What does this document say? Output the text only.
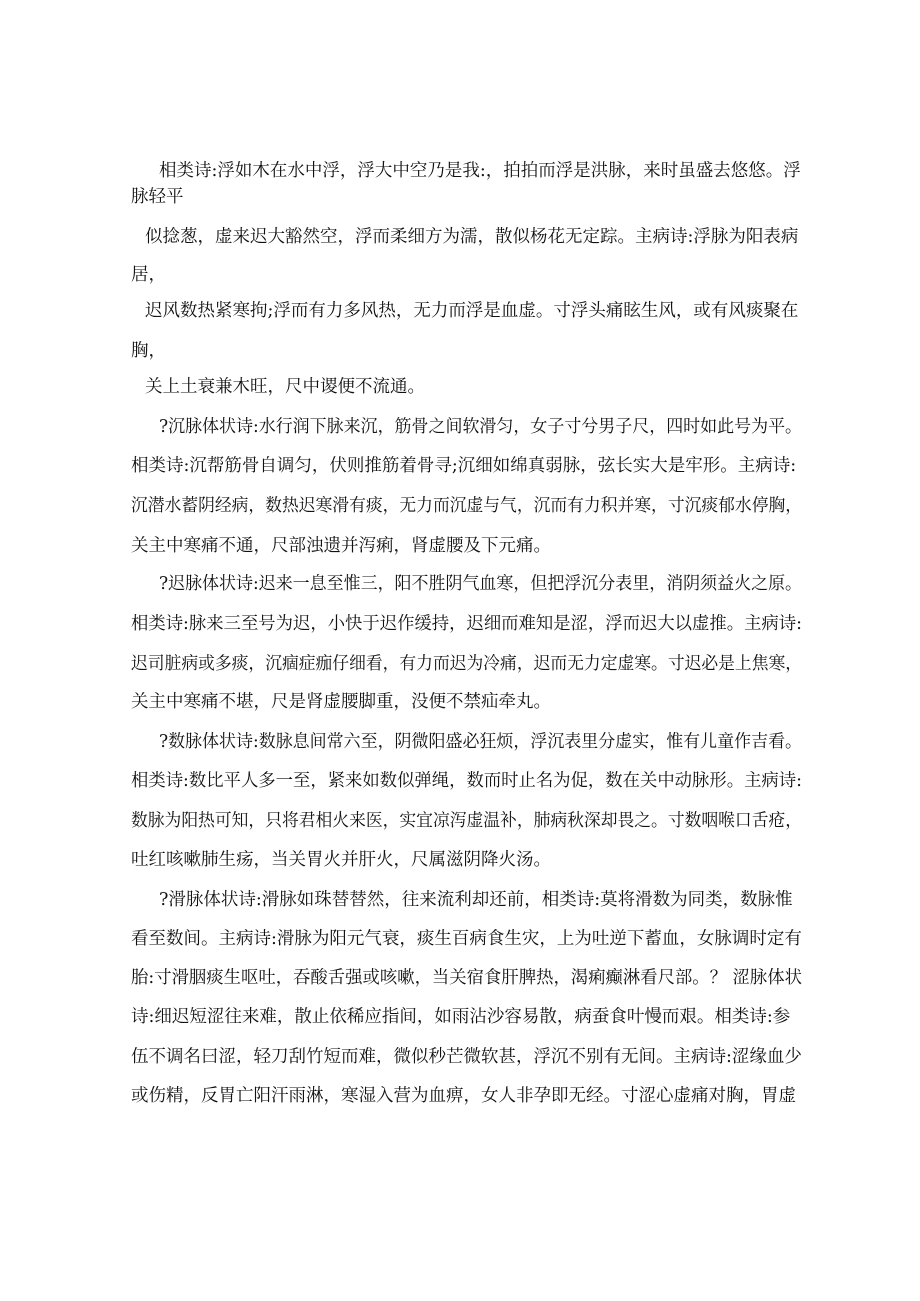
相类诗:浮如木在水中浮，浮大中空乃是我:，拍拍而浮是洪脉，来时虽盛去悠悠。浮
脉轻平
似捻葱，虚来迟大豁然空，浮而柔细方为濡，散似杨花无定踪。主病诗:浮脉为阳表病
居，
迟风数热紧寒拘;浮而有力多风热，无力而浮是血虚。寸浮头痛眩生风，或有风痰聚在
胸，
关上土衰兼木旺，尺中谡便不流通。
?沉脉体状诗:水行润下脉来沉，筋骨之间软滑匀，女子寸兮男子尺，四时如此号为平。
相类诗:沉帮筋骨自调匀，伏则推筋着骨寻;沉细如绵真弱脉，弦长实大是牢形。主病诗:
沉潜水蓄阴经病，数热迟寒滑有痰，无力而沉虚与气，沉而有力积并寒，寸沉痰郁水停胸，
关主中寒痛不通，尺部浊遗并泻痢，肾虚腰及下元痛。
?迟脉体状诗:迟来一息至惟三，阳不胜阴气血寒，但把浮沉分表里，消阴须益火之原。
相类诗:脉来三至号为迟，小快于迟作缓持，迟细而难知是涩，浮而迟大以虚推。主病诗:
迟司脏病或多痰，沉痼症痂仔细看，有力而迟为冷痛，迟而无力定虚寒。寸迟必是上焦寒，
关主中寒痛不堪，尺是肾虚腰脚重，没便不禁疝牵丸。
?数脉体状诗:数脉息间常六至，阴微阳盛必狂烦，浮沉表里分虚实，惟有儿童作吉看。
相类诗:数比平人多一至，紧来如数似弹绳，数而时止名为促，数在关中动脉形。主病诗:
数脉为阳热可知，只将君相火来医，实宜凉泻虚温补，肺病秋深却畏之。寸数咽喉口舌疮，
吐红咳嗽肺生疡，当关胃火并肝火，尺属滋阴降火汤。
?滑脉体状诗:滑脉如珠替替然，往来流利却还前，相类诗:莫将滑数为同类，数脉惟
看至数间。主病诗:滑脉为阳元气衰，痰生百病食生灾，上为吐逆下蓄血，女脉调时定有
胎:寸滑胭痰生呕吐，吞酸舌强或咳嗽，当关宿食肝脾热，渴痢癫淋看尺部。？ 涩脉体状
诗:细迟短涩往来难，散止依稀应指间，如雨沾沙容易散，病蚕食叶慢而艰。相类诗:参
伍不调名曰涩，轻刀刮竹短而难，微似秒芒微软甚，浮沉不别有无间。主病诗:涩缘血少
或伤精，反胃亡阳汗雨淋，寒湿入营为血痹，女人非孕即无经。寸涩心虚痛对胸，胃虚
